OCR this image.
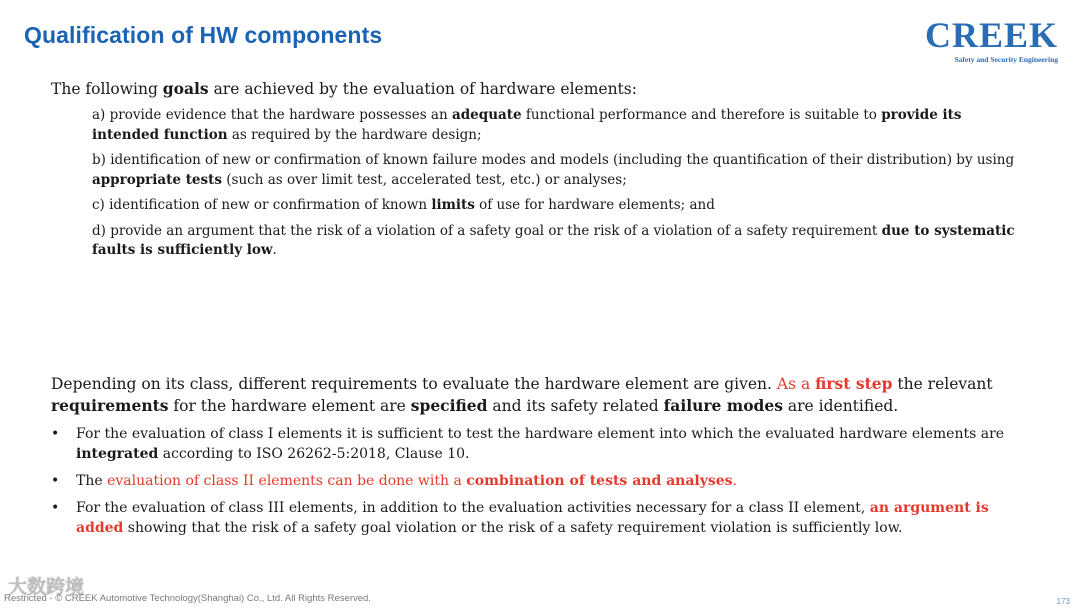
Qualification of HW components	CREEK
Safety and Security Engineering
The following goals are achieved by the evaluation of hardware elements:

a) provide evidence that the hardware possesses an adequate functional performance and therefore is suitable to provide its intended function as required by the hardware design;

b) identification of new or confirmation of known failure modes and models (including the quantification of their distribution) by using appropriate tests (such as over limit test, accelerated test, etc.) or analyses;

c) identification of new or confirmation of known limits of use for hardware elements; and

d) provide an argument that the risk of a violation of a safety goal or the risk of a violation of a safety requirement due to systematic faults is sufficiently low.

Depending on its class, different requirements to evaluate the hardware element are given. As a first step the relevant requirements for the hardware element are specified and its safety related failure modes are identified.
• For the evaluation of class I elements it is sufficient to test the hardware element into which the evaluated hardware elements are integrated according to ISO 26262-5:2018, Clause 10.
• The evaluation of class II elements can be done with a combination of tests and analyses.
• For the evaluation of class III elements, in addition to the evaluation activities necessary for a class II element, an argument is added showing that the risk of a safety goal violation or the risk of a safety requirement violation is sufficiently low.
大数跨境
Restricted - © CREEK Automotive Technology(Shanghai) Co., Ltd. All Rights Reserved.	173
